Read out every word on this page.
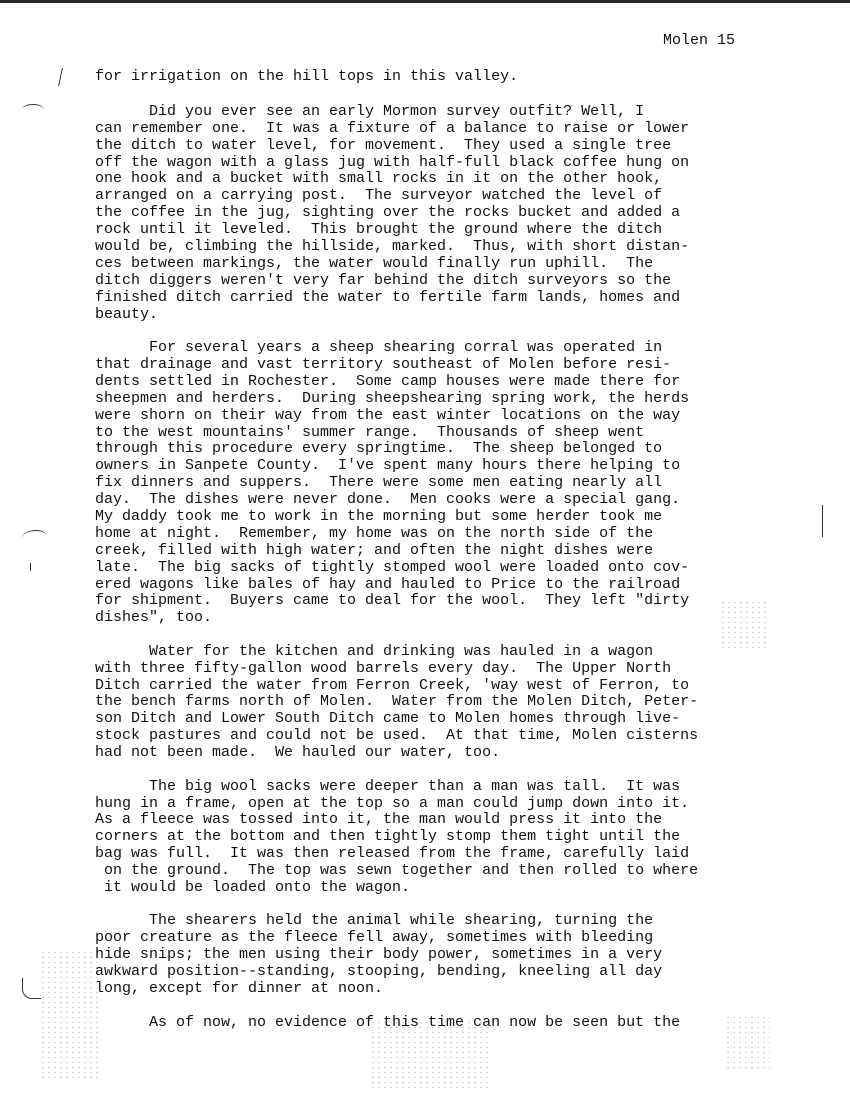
Molen 15
for irrigation on the hill tops in this valley.
Did you ever see an early Mormon survey outfit? Well, I
can remember one.  It was a fixture of a balance to raise or lower
the ditch to water level, for movement.  They used a single tree
off the wagon with a glass jug with half-full black coffee hung on
one hook and a bucket with small rocks in it on the other hook,
arranged on a carrying post.  The surveyor watched the level of
the coffee in the jug, sighting over the rocks bucket and added a
rock until it leveled.  This brought the ground where the ditch
would be, climbing the hillside, marked.  Thus, with short distan-
ces between markings, the water would finally run uphill.  The
ditch diggers weren't very far behind the ditch surveyors so the
finished ditch carried the water to fertile farm lands, homes and
beauty.
For several years a sheep shearing corral was operated in
that drainage and vast territory southeast of Molen before resi-
dents settled in Rochester.  Some camp houses were made there for
sheepmen and herders.  During sheepshearing spring work, the herds
were shorn on their way from the east winter locations on the way
to the west mountains' summer range.  Thousands of sheep went
through this procedure every springtime.  The sheep belonged to
owners in Sanpete County.  I've spent many hours there helping to
fix dinners and suppers.  There were some men eating nearly all
day.  The dishes were never done.  Men cooks were a special gang.
My daddy took me to work in the morning but some herder took me
home at night.  Remember, my home was on the north side of the
creek, filled with high water; and often the night dishes were
late.  The big sacks of tightly stomped wool were loaded onto cov-
ered wagons like bales of hay and hauled to Price to the railroad
for shipment.  Buyers came to deal for the wool.  They left "dirty
dishes", too.
Water for the kitchen and drinking was hauled in a wagon
with three fifty-gallon wood barrels every day.  The Upper North
Ditch carried the water from Ferron Creek, 'way west of Ferron, to
the bench farms north of Molen.  Water from the Molen Ditch, Peter-
son Ditch and Lower South Ditch came to Molen homes through live-
stock pastures and could not be used.  At that time, Molen cisterns
had not been made.  We hauled our water, too.
The big wool sacks were deeper than a man was tall.  It was
hung in a frame, open at the top so a man could jump down into it.
As a fleece was tossed into it, the man would press it into the
corners at the bottom and then tightly stomp them tight until the
bag was full.  It was then released from the frame, carefully laid
on the ground.  The top was sewn together and then rolled to where
it would be loaded onto the wagon.
The shearers held the animal while shearing, turning the
poor creature as the fleece fell away, sometimes with bleeding
hide snips; the men using their body power, sometimes in a very
awkward position--standing, stooping, bending, kneeling all day
long, except for dinner at noon.
As of now, no evidence of this time can now be seen but the
